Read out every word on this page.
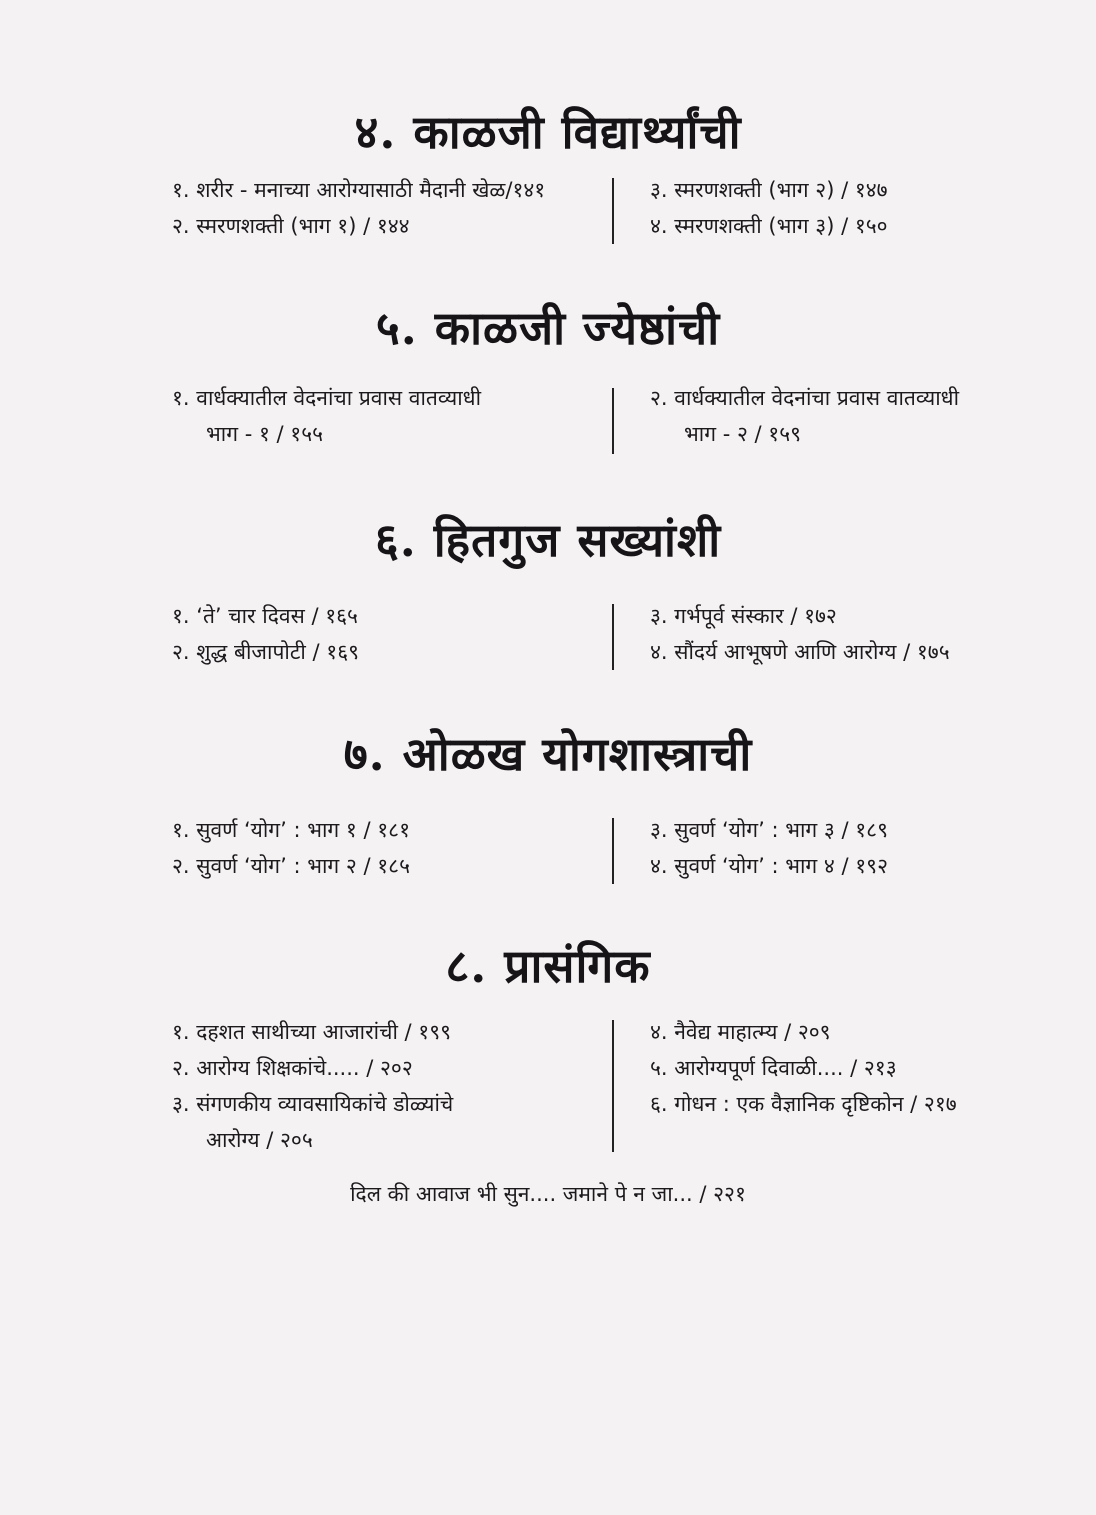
४. काळजी विद्यार्थ्यांची
१. शरीर - मनाच्या आरोग्यासाठी मैदानी खेळ/१४१
२. स्मरणशक्ती (भाग १) / १४४
३. स्मरणशक्ती (भाग २) / १४७
४. स्मरणशक्ती (भाग ३) / १५०
५. काळजी ज्येष्ठांची
१. वार्धक्यातील वेदनांचा प्रवास वातव्याधी
भाग - १ / १५५
२. वार्धक्यातील वेदनांचा प्रवास वातव्याधी
भाग - २ / १५९
६. हितगुज सख्यांशी
१. ‘ते’ चार दिवस / १६५
२. शुद्ध बीजापोटी / १६९
३. गर्भपूर्व संस्कार / १७२
४. सौंदर्य आभूषणे आणि आरोग्य / १७५
७. ओळख योगशास्त्राची
१. सुवर्ण ‘योग’ : भाग १ / १८१
२. सुवर्ण ‘योग’ : भाग २ / १८५
३. सुवर्ण ‘योग’ : भाग ३ / १८९
४. सुवर्ण ‘योग’ : भाग ४ / १९२
८. प्रासंगिक
१. दहशत साथीच्या आजारांची / १९९
२. आरोग्य शिक्षकांचे..... / २०२
३. संगणकीय व्यावसायिकांचे डोळ्यांचे
आरोग्य / २०५
४. नैवेद्य माहात्म्य / २०९
५. आरोग्यपूर्ण दिवाळी.... / २१३
६. गोधन : एक वैज्ञानिक दृष्टिकोन / २१७
दिल की आवाज भी सुन.... जमाने पे न जा... / २२१
